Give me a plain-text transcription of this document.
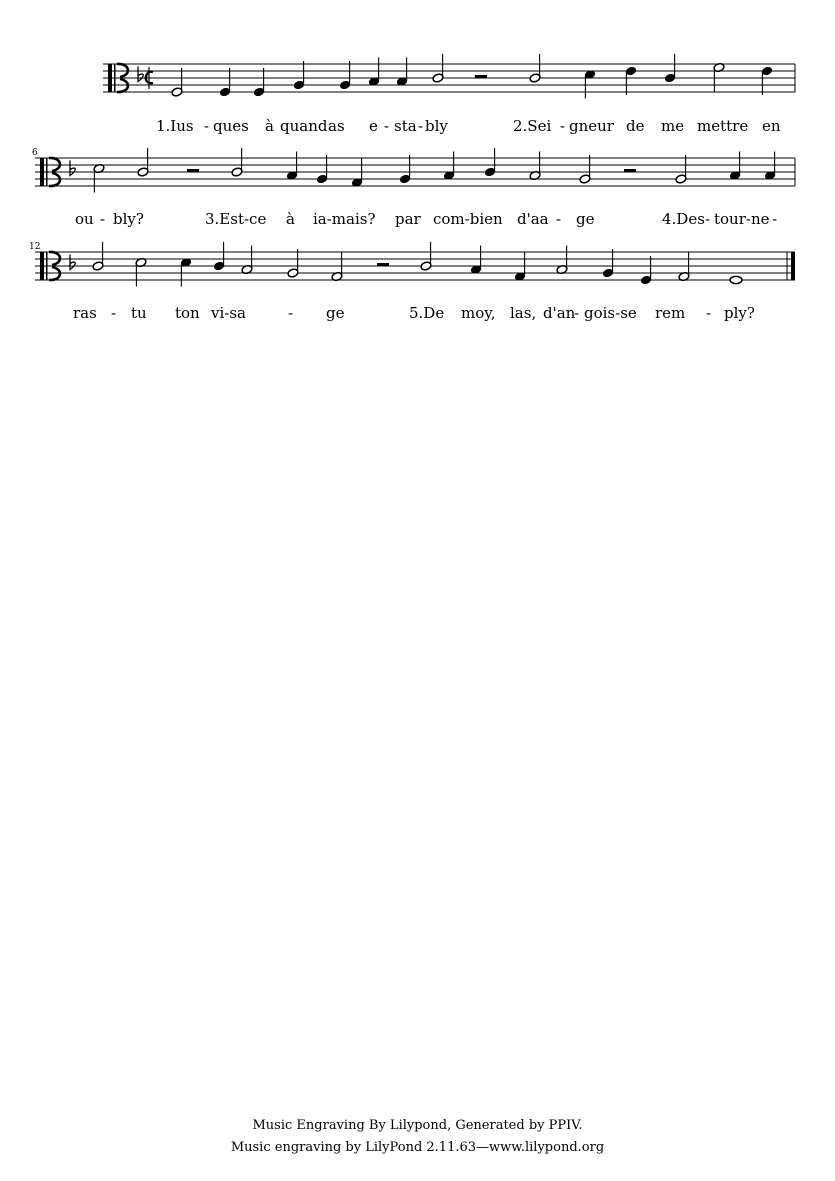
1.Ius - ques à quand as e - sta - bly	2.Sei - gneur de me mettre en
6
ou - bly?	3.Est-ce à ia-mais? par com-bien d'aa - ge	4.Des - tour-ne -
12
ras - tu ton vi-sa	- ge	5.De moy, las, d'an
- gois-se rem - ply?
Music Engraving By Lilypond, Generated by PPIV.
Music engraving by LilyPond 2.11.63—www.lilypond.org
